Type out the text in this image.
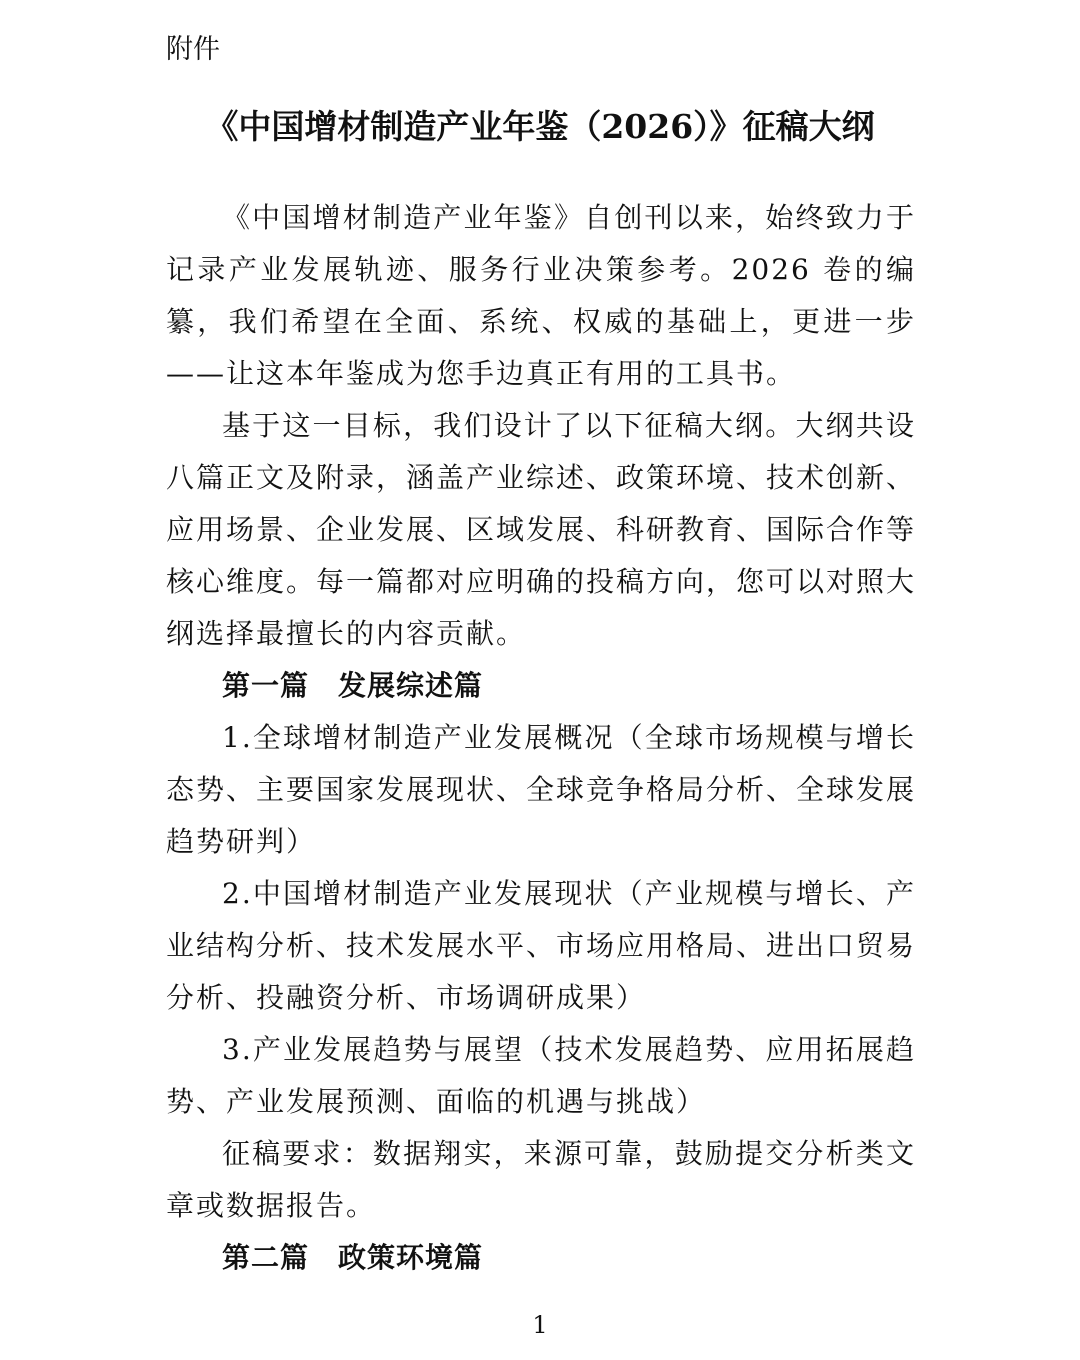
附件

《中国增材制造产业年鉴（2026）》征稿大纲

《中国增材制造产业年鉴》自创刊以来，始终致力于记录产业发展轨迹、服务行业决策参考。2026 卷的编纂，我们希望在全面、系统、权威的基础上，更进一步——让这本年鉴成为您手边真正有用的工具书。

基于这一目标，我们设计了以下征稿大纲。大纲共设八篇正文及附录，涵盖产业综述、政策环境、技术创新、应用场景、企业发展、区域发展、科研教育、国际合作等核心维度。每一篇都对应明确的投稿方向，您可以对照大纲选择最擅长的内容贡献。

第一篇　发展综述篇

1.全球增材制造产业发展概况（全球市场规模与增长态势、主要国家发展现状、全球竞争格局分析、全球发展趋势研判）

2.中国增材制造产业发展现状（产业规模与增长、产业结构分析、技术发展水平、市场应用格局、进出口贸易分析、投融资分析、市场调研成果）

3.产业发展趋势与展望（技术发展趋势、应用拓展趋势、产业发展预测、面临的机遇与挑战）

征稿要求：数据翔实，来源可靠，鼓励提交分析类文章或数据报告。

第二篇　政策环境篇

1
